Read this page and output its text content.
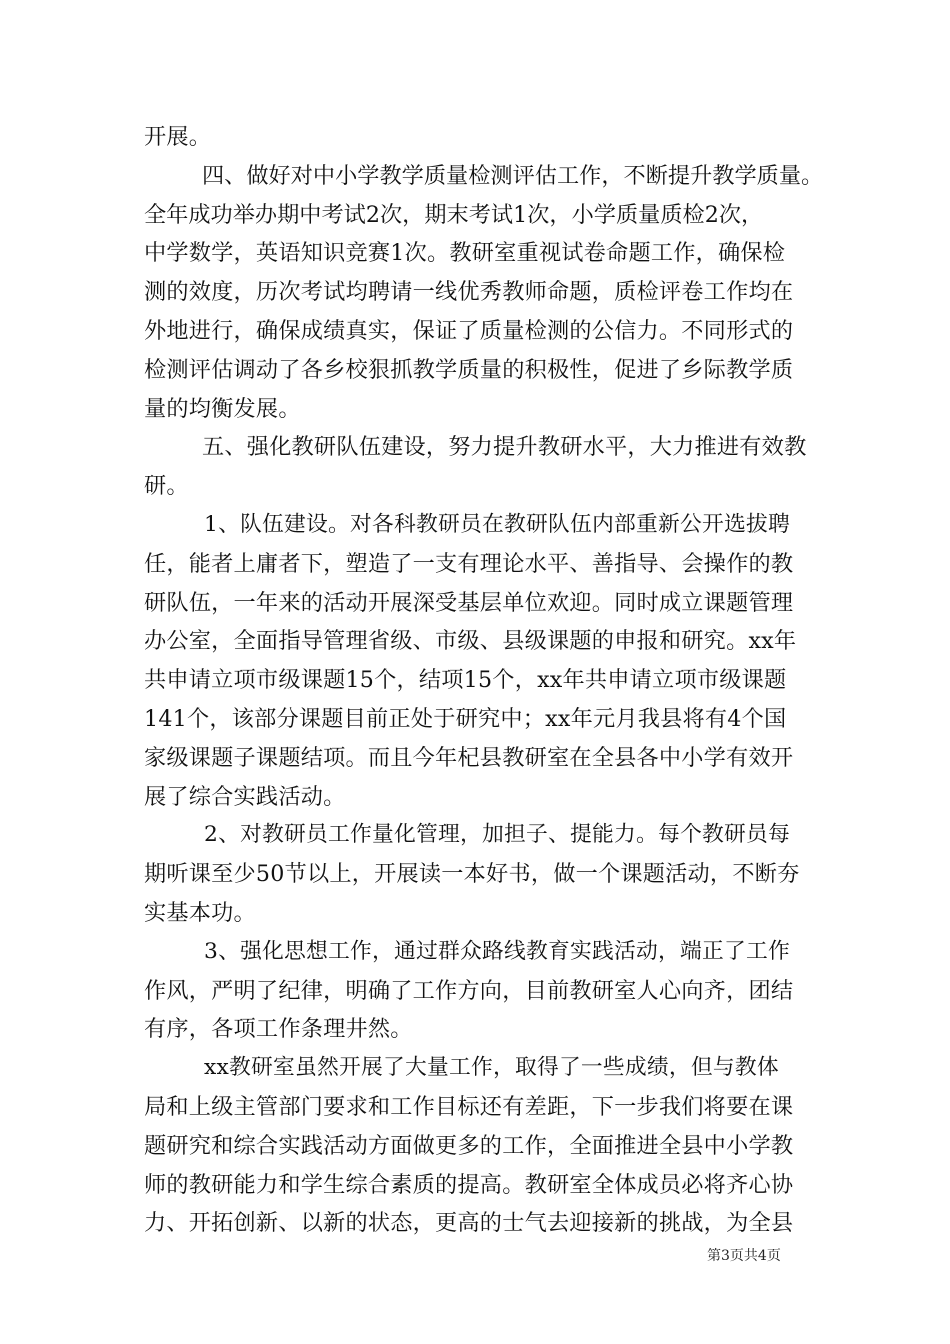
开展。
四、做好对中小学教学质量检测评估工作，不断提升教学质量。
全年成功举办期中考试2次，期末考试1次，小学质量质检2次，
中学数学，英语知识竞赛1次。教研室重视试卷命题工作，确保检
测的效度，历次考试均聘请一线优秀教师命题，质检评卷工作均在
外地进行，确保成绩真实，保证了质量检测的公信力。不同形式的
检测评估调动了各乡校狠抓教学质量的积极性，促进了乡际教学质
量的均衡发展。
五、强化教研队伍建设，努力提升教研水平，大力推进有效教
研。
1、队伍建设。对各科教研员在教研队伍内部重新公开选拔聘
任，能者上庸者下，塑造了一支有理论水平、善指导、会操作的教
研队伍，一年来的活动开展深受基层单位欢迎。同时成立课题管理
办公室，全面指导管理省级、市级、县级课题的申报和研究。xx年
共申请立项市级课题15个，结项15个，xx年共申请立项市级课题
141个，该部分课题目前正处于研究中；xx年元月我县将有4个国
家级课题子课题结项。而且今年杞县教研室在全县各中小学有效开
展了综合实践活动。
2、对教研员工作量化管理，加担子、提能力。每个教研员每
期听课至少50节以上，开展读一本好书，做一个课题活动，不断夯
实基本功。
3、强化思想工作，通过群众路线教育实践活动，端正了工作
作风，严明了纪律，明确了工作方向，目前教研室人心向齐，团结
有序，各项工作条理井然。
xx教研室虽然开展了大量工作，取得了一些成绩，但与教体
局和上级主管部门要求和工作目标还有差距，下一步我们将要在课
题研究和综合实践活动方面做更多的工作，全面推进全县中小学教
师的教研能力和学生综合素质的提高。教研室全体成员必将齐心协
力、开拓创新、以新的状态，更高的士气去迎接新的挑战，为全县
第3页共4页
